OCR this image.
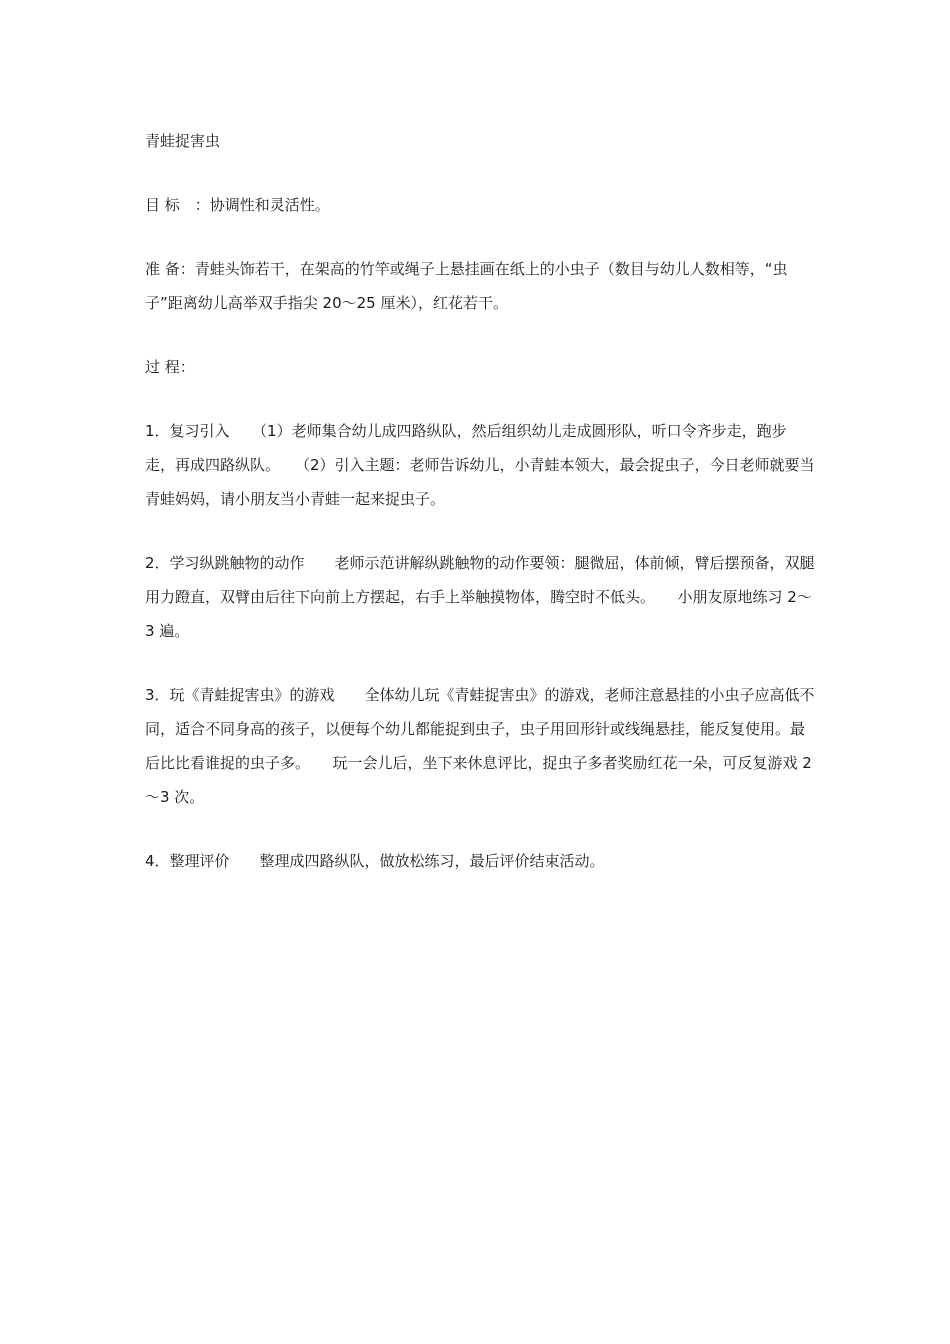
青蛙捉害虫

目 标　：协调性和灵活性。

准 备：青蛙头饰若干，在架高的竹竿或绳子上悬挂画在纸上的小虫子（数目与幼儿人数相等，“虫子”距离幼儿高举双手指尖 20～25 厘米），红花若干。

过 程：

1．复习引入　　（1）老师集合幼儿成四路纵队，然后组织幼儿走成圆形队，听口令齐步走，跑步走，再成四路纵队。　　（2）引入主题：老师告诉幼儿，小青蛙本领大，最会捉虫子，今日老师就要当青蛙妈妈，请小朋友当小青蛙一起来捉虫子。

2．学习纵跳触物的动作　　老师示范讲解纵跳触物的动作要领：腿微屈，体前倾，臂后摆预备，双腿用力蹬直，双臂由后往下向前上方摆起，右手上举触摸物体，腾空时不低头。　　小朋友原地练习 2～3 遍。

3．玩《青蛙捉害虫》的游戏　　全体幼儿玩《青蛙捉害虫》的游戏，老师注意悬挂的小虫子应高低不同，适合不同身高的孩子，以便每个幼儿都能捉到虫子，虫子用回形针或线绳悬挂，能反复使用。最后比比看谁捉的虫子多。　　玩一会儿后，坐下来休息评比，捉虫子多者奖励红花一朵，可反复游戏 2～3 次。

4．整理评价　　整理成四路纵队，做放松练习，最后评价结束活动。
